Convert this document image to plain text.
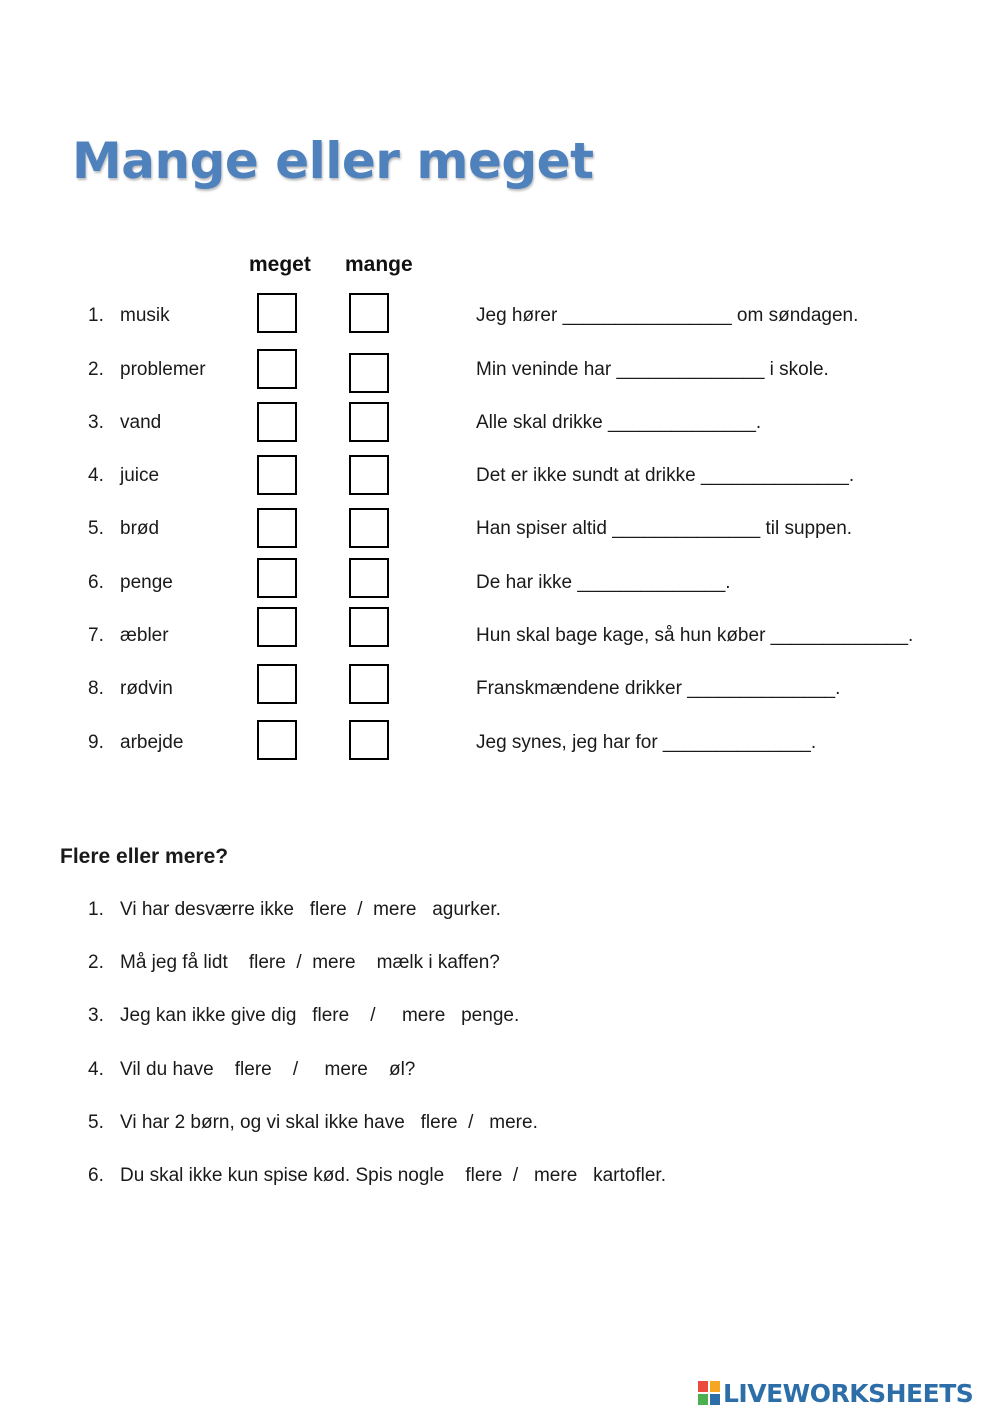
Mange eller meget
meget mange
1. musik	Jeg hører ________________ om søndagen.
2. problemer	Min veninde har ______________ i skole.
3. vand	Alle skal drikke ______________.
4. juice	Det er ikke sundt at drikke ______________.
5. brød	Han spiser altid ______________ til suppen.
6. penge	De har ikke ______________.
7. æbler	Hun skal bage kage, så hun køber _____________.
8. rødvin	Franskmændene drikker ______________.
9. arbejde	Jeg synes, jeg har for ______________.
Flere eller mere?
1. Vi har desværre ikke   flere  /  mere   agurker.
2. Må jeg få lidt    flere  /  mere    mælk i kaffen?
3. Jeg kan ikke give dig   flere    /     mere   penge.
4. Vil du have    flere    /     mere    øl?
5. Vi har 2 børn, og vi skal ikke have   flere  /   mere.
6. Du skal ikke kun spise kød. Spis nogle    flere  /   mere   kartofler.
LIVEWORKSHEETS
